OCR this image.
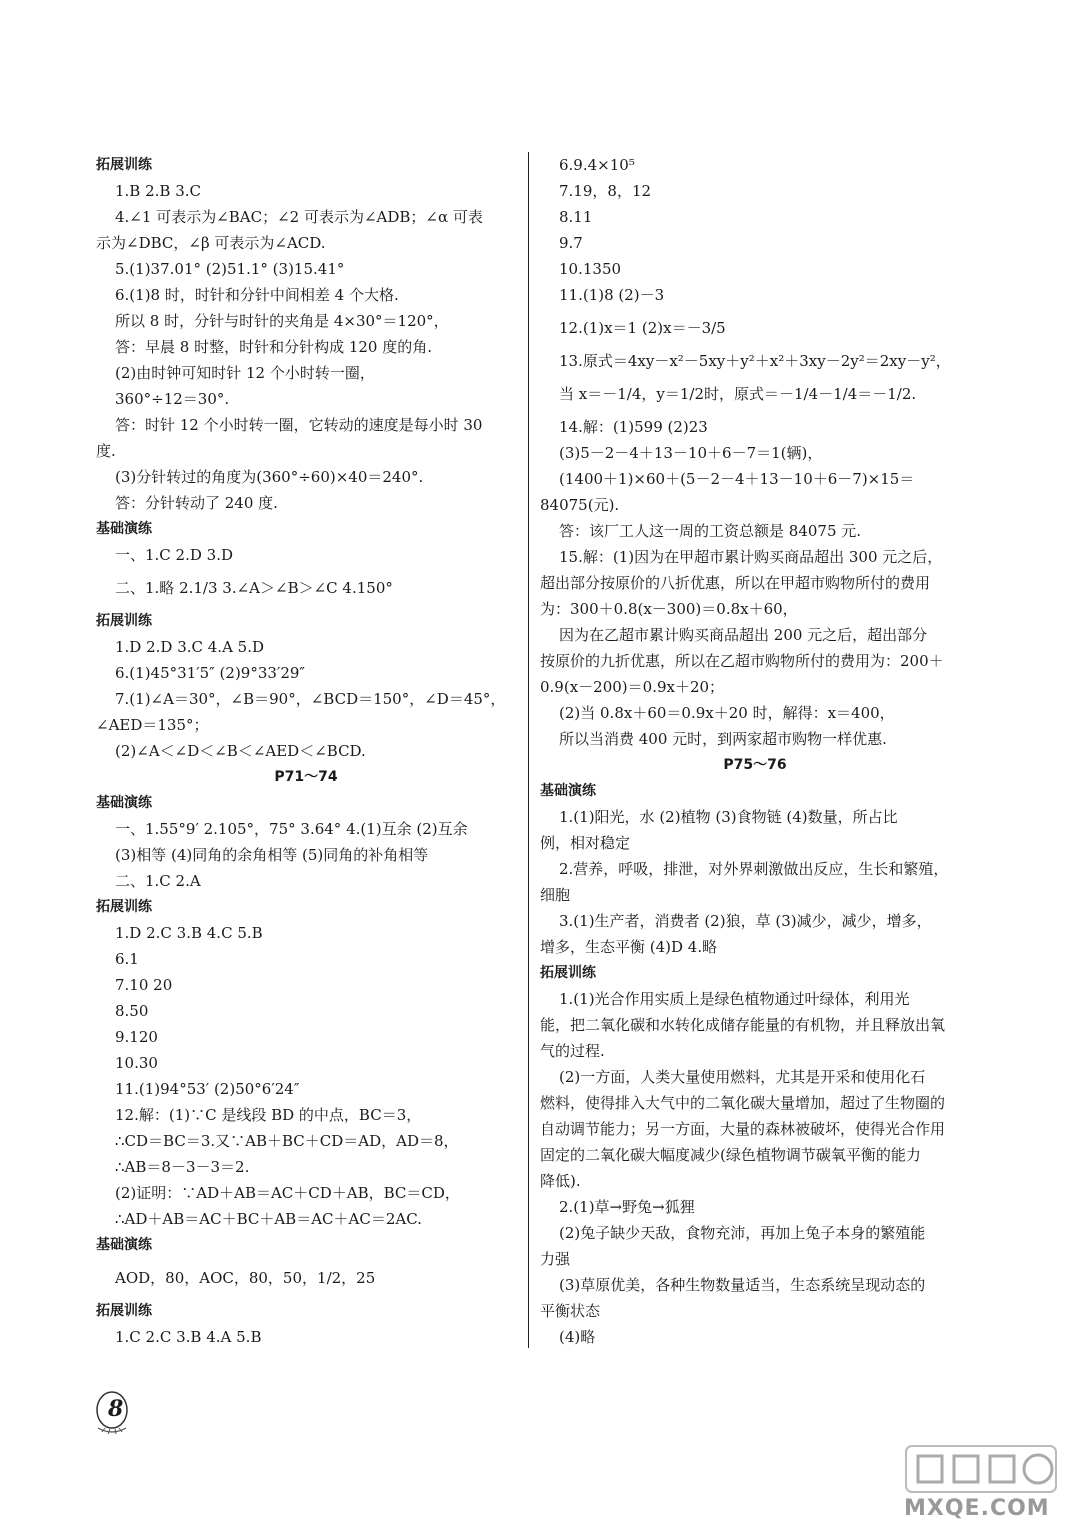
拓展训练
1.B 2.B 3.C
4.∠1 可表示为∠BAC；∠2 可表示为∠ADB；∠α 可表
示为∠DBC，∠β 可表示为∠ACD.
5.(1)37.01° (2)51.1° (3)15.41°
6.(1)8 时，时针和分针中间相差 4 个大格.
所以 8 时，分针与时针的夹角是 4×30°＝120°，
答：早晨 8 时整，时针和分针构成 120 度的角.
(2)由时钟可知时针 12 个小时转一圈，
360°÷12＝30°.
答：时针 12 个小时转一圈，它转动的速度是每小时 30
度.
(3)分针转过的角度为(360°÷60)×40＝240°.
答：分针转动了 240 度.
基础演练
一、1.C 2.D 3.D
二、1.略 2.1/3 3.∠A＞∠B＞∠C 4.150°
拓展训练
1.D 2.D 3.C 4.A 5.D
6.(1)45°31′5″ (2)9°33′29″
7.(1)∠A＝30°，∠B＝90°，∠BCD＝150°，∠D＝45°，
∠AED＝135°；
(2)∠A＜∠D＜∠B＜∠AED＜∠BCD.
P71～74
基础演练
一、1.55°9′ 2.105°，75° 3.64° 4.(1)互余 (2)互余
(3)相等 (4)同角的余角相等 (5)同角的补角相等
二、1.C 2.A
拓展训练
1.D 2.C 3.B 4.C 5.B
6.1
7.10 20
8.50
9.120
10.30
11.(1)94°53′ (2)50°6′24″
12.解：(1)∵C 是线段 BD 的中点，BC＝3，
∴CD＝BC＝3.又∵AB＋BC＋CD＝AD，AD＝8，
∴AB＝8－3－3＝2.
(2)证明：∵AD＋AB＝AC＋CD＋AB，BC＝CD，
∴AD＋AB＝AC＋BC＋AB＝AC＋AC＝2AC.
基础演练
AOD，80，AOC，80，50，1/2，25
拓展训练
1.C 2.C 3.B 4.A 5.B
6.9.4×10⁵
7.19，8，12
8.11
9.7
10.1350
11.(1)8 (2)－3
12.(1)x＝1 (2)x＝－3/5
13.原式＝4xy－x²－5xy＋y²＋x²＋3xy－2y²＝2xy－y²，
当 x＝－1/4，y＝1/2时，原式＝－1/4－1/4＝－1/2.
14.解：(1)599 (2)23
(3)5－2－4＋13－10＋6－7＝1(辆)，
(1400＋1)×60＋(5－2－4＋13－10＋6－7)×15＝
84075(元).
答：该厂工人这一周的工资总额是 84075 元.
15.解：(1)因为在甲超市累计购买商品超出 300 元之后，
超出部分按原价的八折优惠，所以在甲超市购物所付的费用
为：300＋0.8(x－300)＝0.8x＋60，
因为在乙超市累计购买商品超出 200 元之后，超出部分
按原价的九折优惠，所以在乙超市购物所付的费用为：200＋
0.9(x－200)＝0.9x＋20；
(2)当 0.8x＋60＝0.9x＋20 时，解得：x＝400，
所以当消费 400 元时，到两家超市购物一样优惠.
P75～76
基础演练
1.(1)阳光，水 (2)植物 (3)食物链 (4)数量，所占比
例，相对稳定
2.营养，呼吸，排泄，对外界刺激做出反应，生长和繁殖，
细胞
3.(1)生产者，消费者 (2)狼，草 (3)减少，减少，增多，
增多，生态平衡 (4)D 4.略
拓展训练
1.(1)光合作用实质上是绿色植物通过叶绿体，利用光
能，把二氧化碳和水转化成储存能量的有机物，并且释放出氧
气的过程.
(2)一方面，人类大量使用燃料，尤其是开采和使用化石
燃料，使得排入大气中的二氧化碳大量增加，超过了生物圈的
自动调节能力；另一方面，大量的森林被破坏，使得光合作用
固定的二氧化碳大幅度减少(绿色植物调节碳氧平衡的能力
降低).
2.(1)草→野兔→狐狸
(2)兔子缺少天敌，食物充沛，再加上兔子本身的繁殖能
力强
(3)草原优美，各种生物数量适当，生态系统呈现动态的
平衡状态
(4)略
8
MXQE.COM
